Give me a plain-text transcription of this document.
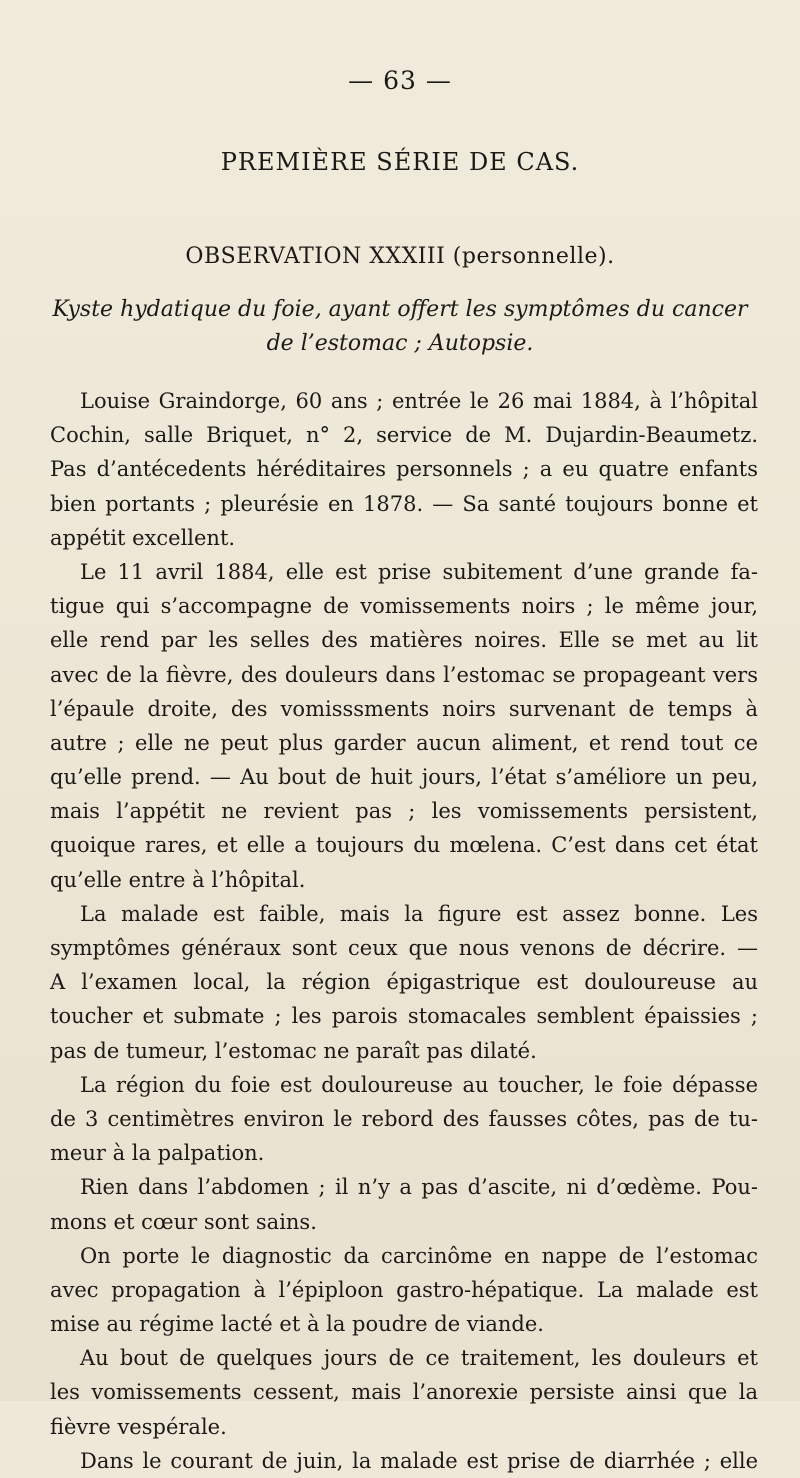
— 63 —
PREMIÈRE SÉRIE DE CAS.
OBSERVATION XXXIII (personnelle).
Kyste hydatique du foie, ayant offert les symptômes du cancer
de l’estomac ; Autopsie.
Louise Graindorge, 60 ans ; entrée le 26 mai 1884, à l’hôpital
Cochin, salle Briquet, n° 2, service de M. Dujardin-Beaumetz.
Pas d’antécedents héréditaires personnels ; a eu quatre enfants
bien portants ; pleurésie en 1878. — Sa santé toujours bonne et
appétit excellent.
Le 11 avril 1884, elle est prise subitement d’une grande fa-
tigue qui s’accompagne de vomissements noirs ; le même jour,
elle rend par les selles des matières noires. Elle se met au lit
avec de la fièvre, des douleurs dans l’estomac se propageant vers
l’épaule droite, des vomisssments noirs survenant de temps à
autre ; elle ne peut plus garder aucun aliment, et rend tout ce
qu’elle prend. — Au bout de huit jours, l’état s’améliore un peu,
mais l’appétit ne revient pas ; les vomissements persistent,
quoique rares, et elle a toujours du mœlena. C’est dans cet état
qu’elle entre à l’hôpital.
La malade est faible, mais la figure est assez bonne. Les
symptômes généraux sont ceux que nous venons de décrire. —
A l’examen local, la région épigastrique est douloureuse au
toucher et submate ; les parois stomacales semblent épaissies ;
pas de tumeur, l’estomac ne paraît pas dilaté.
La région du foie est douloureuse au toucher, le foie dépasse
de 3 centimètres environ le rebord des fausses côtes, pas de tu-
meur à la palpation.
Rien dans l’abdomen ; il n’y a pas d’ascite, ni d’œdème. Pou-
mons et cœur sont sains.
On porte le diagnostic da carcinôme en nappe de l’estomac
avec propagation à l’épiploon gastro-hépatique. La malade est
mise au régime lacté et à la poudre de viande.
Au bout de quelques jours de ce traitement, les douleurs et
les vomissements cessent, mais l’anorexie persiste ainsi que la
fièvre vespérale.
Dans le courant de juin, la malade est prise de diarrhée ; elle
